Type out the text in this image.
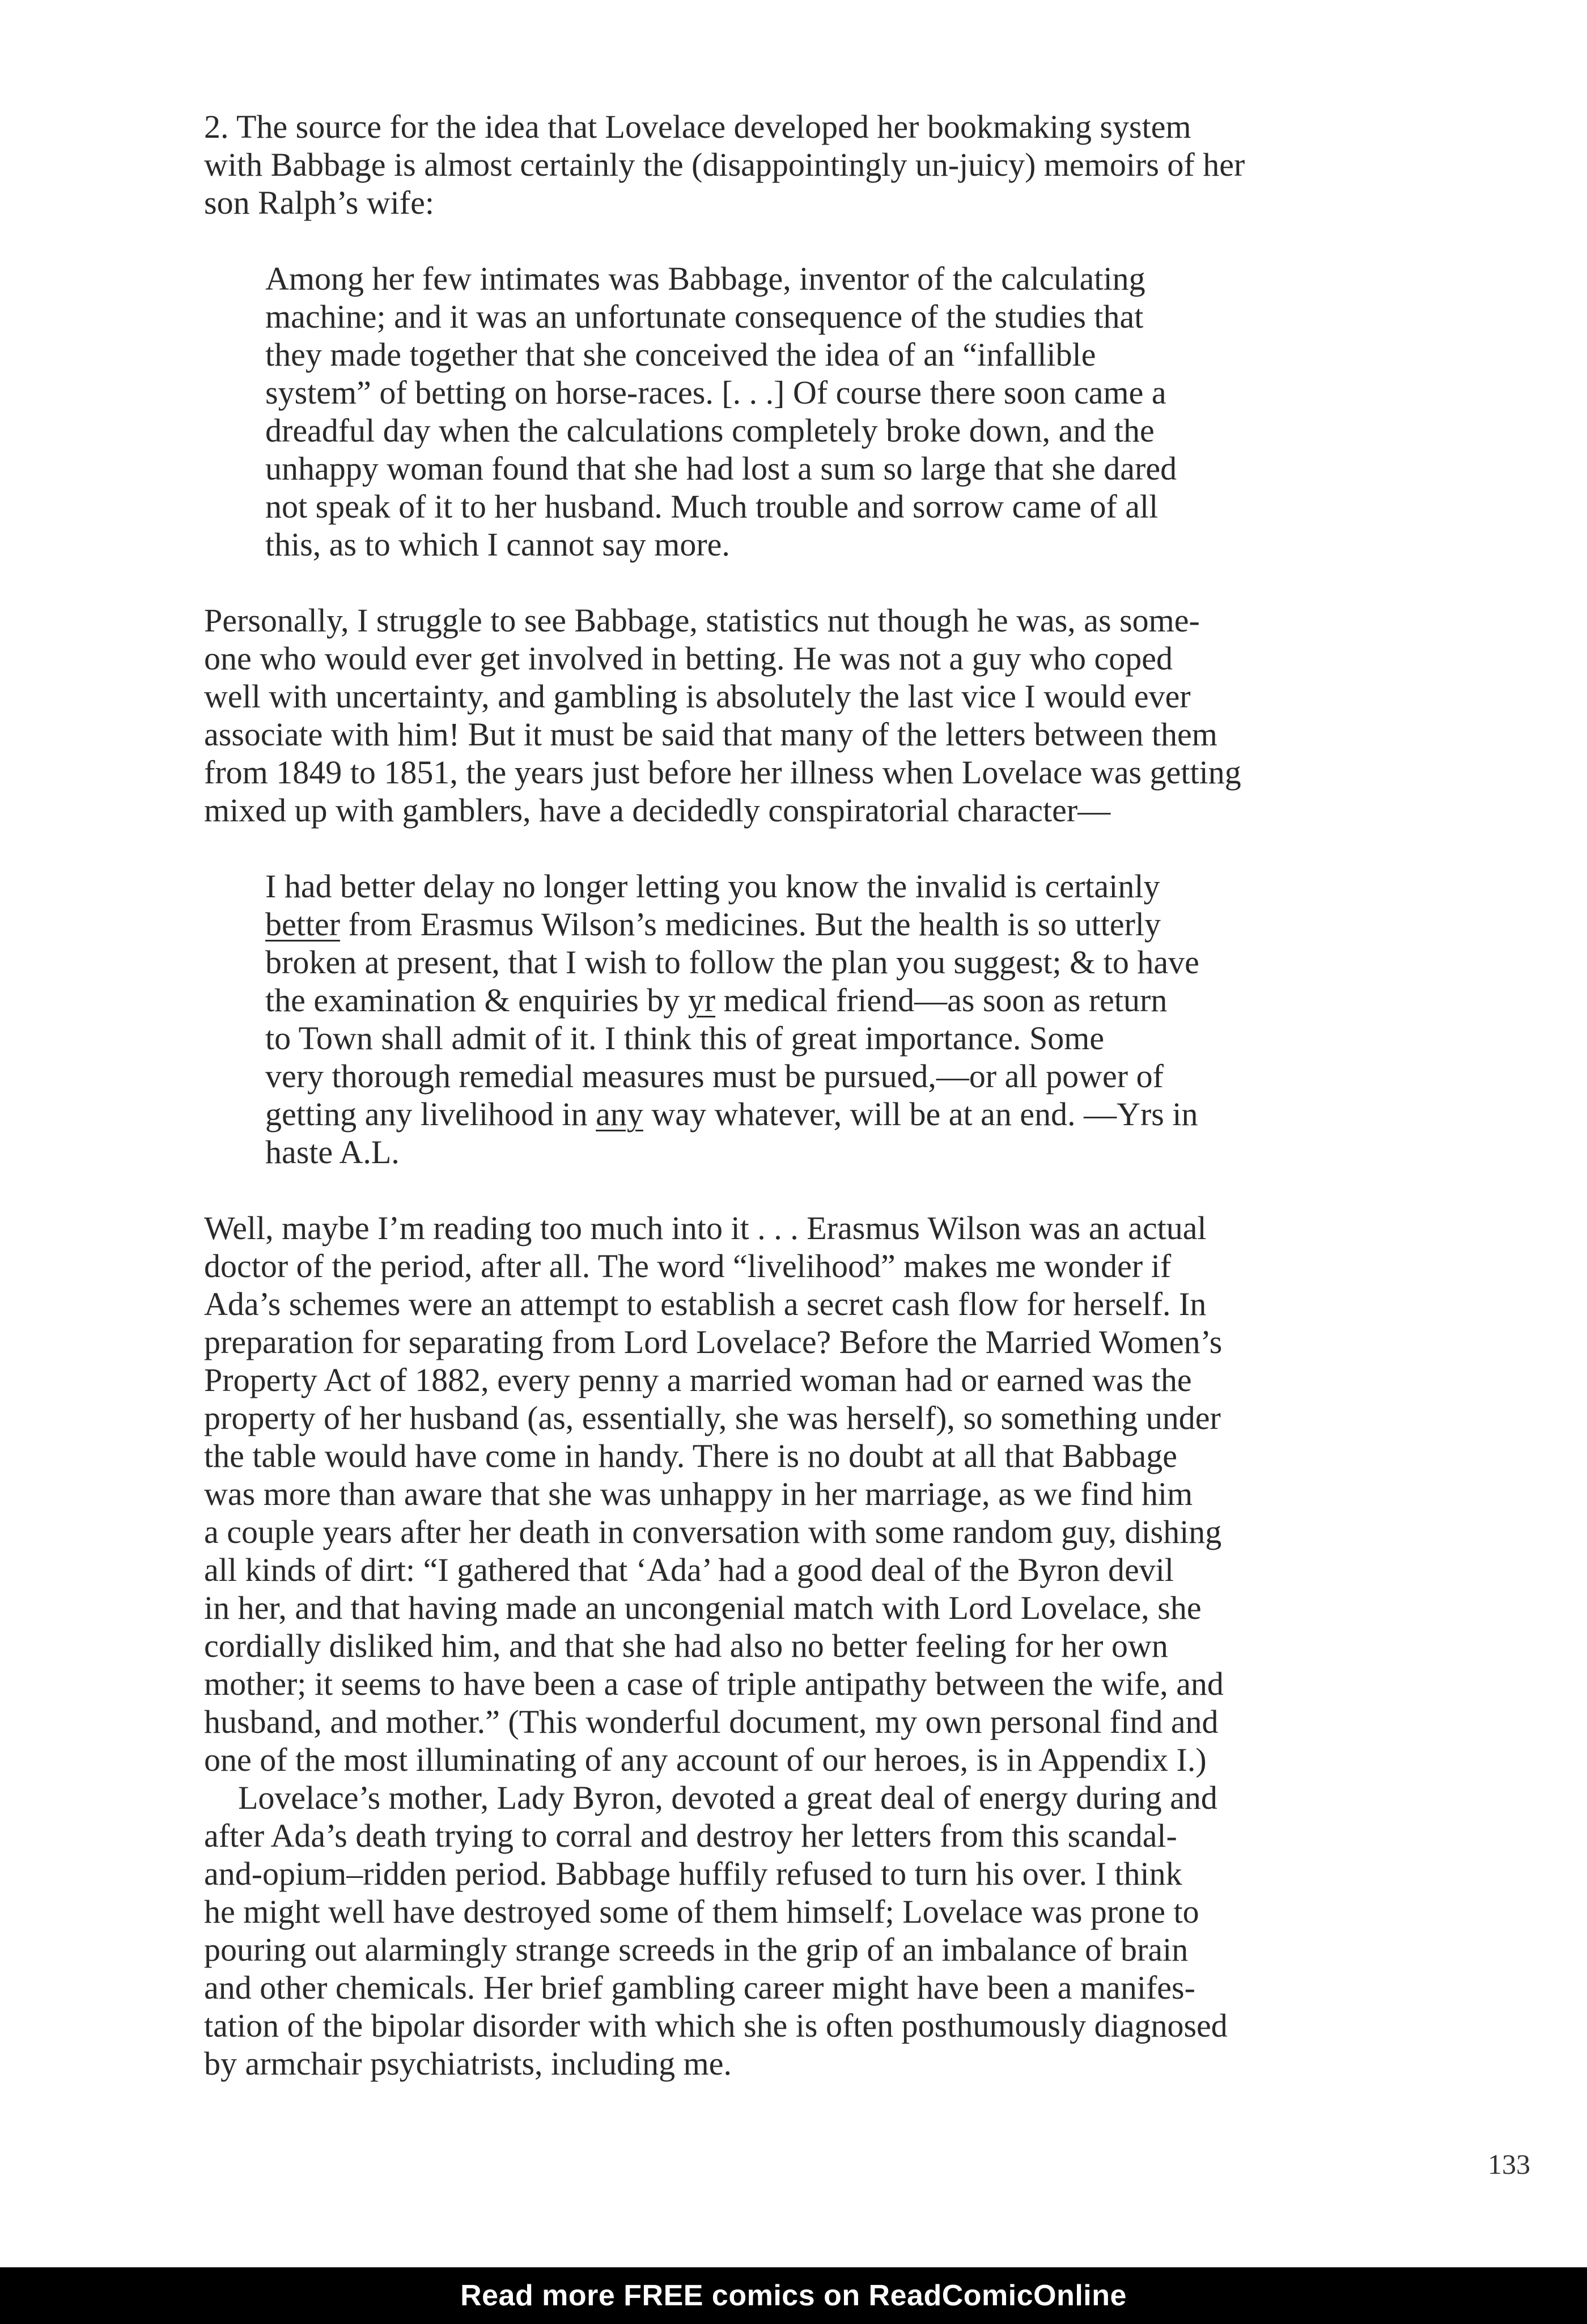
2. The source for the idea that Lovelace developed her bookmaking system
with Babbage is almost certainly the (disappointingly un-juicy) memoirs of her
son Ralph’s wife:

Among her few intimates was Babbage, inventor of the calculating
machine; and it was an unfortunate consequence of the studies that
they made together that she conceived the idea of an “infallible
system” of betting on horse-races. [. . .] Of course there soon came a
dreadful day when the calculations completely broke down, and the
unhappy woman found that she had lost a sum so large that she dared
not speak of it to her husband. Much trouble and sorrow came of all
this, as to which I cannot say more.

Personally, I struggle to see Babbage, statistics nut though he was, as some-
one who would ever get involved in betting. He was not a guy who coped
well with uncertainty, and gambling is absolutely the last vice I would ever
associate with him! But it must be said that many of the letters between them
from 1849 to 1851, the years just before her illness when Lovelace was getting
mixed up with gamblers, have a decidedly conspiratorial character—

I had better delay no longer letting you know the invalid is certainly
better from Erasmus Wilson’s medicines. But the health is so utterly
broken at present, that I wish to follow the plan you suggest; & to have
the examination & enquiries by yr medical friend—as soon as return
to Town shall admit of it. I think this of great importance. Some
very thorough remedial measures must be pursued,—or all power of
getting any livelihood in any way whatever, will be at an end. —Yrs in
haste A.L.

Well, maybe I’m reading too much into it . . . Erasmus Wilson was an actual
doctor of the period, after all. The word “livelihood” makes me wonder if
Ada’s schemes were an attempt to establish a secret cash flow for herself. In
preparation for separating from Lord Lovelace? Before the Married Women’s
Property Act of 1882, every penny a married woman had or earned was the
property of her husband (as, essentially, she was herself), so something under
the table would have come in handy. There is no doubt at all that Babbage
was more than aware that she was unhappy in her marriage, as we find him
a couple years after her death in conversation with some random guy, dishing
all kinds of dirt: “I gathered that ‘Ada’ had a good deal of the Byron devil
in her, and that having made an uncongenial match with Lord Lovelace, she
cordially disliked him, and that she had also no better feeling for her own
mother; it seems to have been a case of triple antipathy between the wife, and
husband, and mother.” (This wonderful document, my own personal find and
one of the most illuminating of any account of our heroes, is in Appendix I.)

Lovelace’s mother, Lady Byron, devoted a great deal of energy during and
after Ada’s death trying to corral and destroy her letters from this scandal-
and-opium–ridden period. Babbage huffily refused to turn his over. I think
he might well have destroyed some of them himself; Lovelace was prone to
pouring out alarmingly strange screeds in the grip of an imbalance of brain
and other chemicals. Her brief gambling career might have been a manifes-
tation of the bipolar disorder with which she is often posthumously diagnosed
by armchair psychiatrists, including me.

133
Read more FREE comics on ReadComicOnline
